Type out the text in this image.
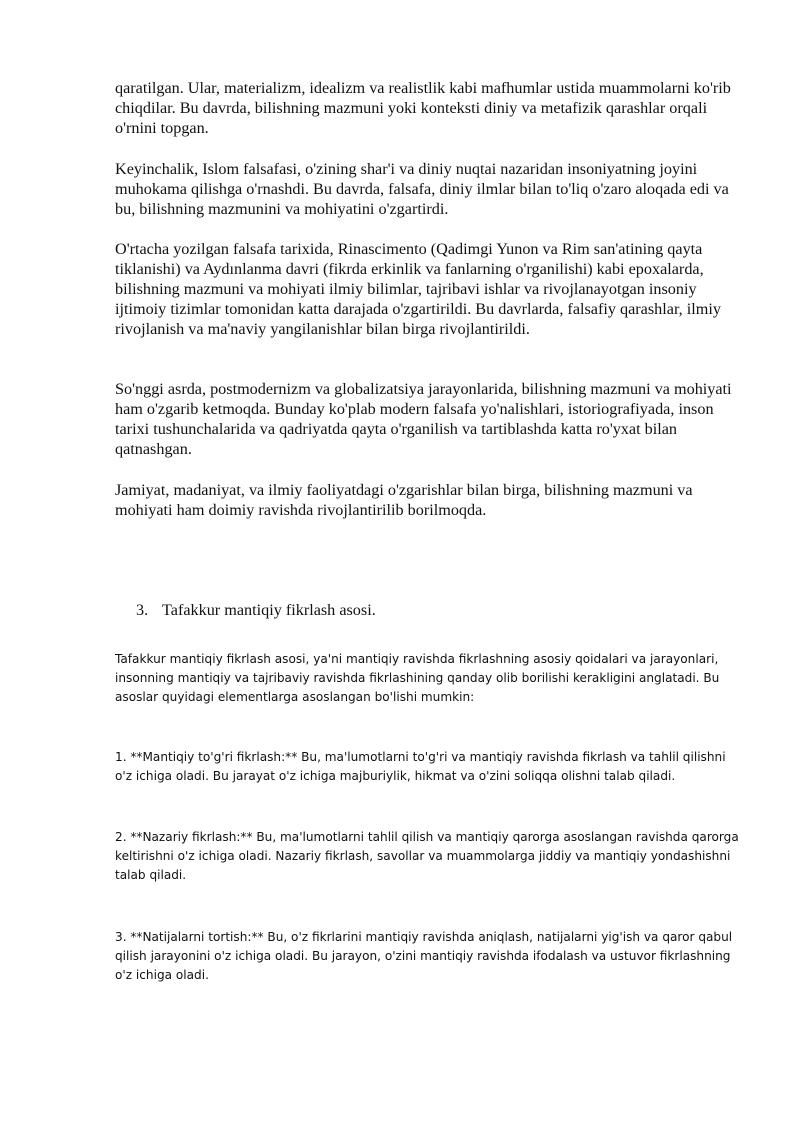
qaratilgan. Ular, materializm, idealizm va realistlik kabi mafhumlar ustida muammolarni ko'rib chiqdilar. Bu davrda, bilishning mazmuni yoki konteksti diniy va metafizik qarashlar orqali o'rnini topgan.

Keyinchalik, Islom falsafasi, o'zining shar'i va diniy nuqtai nazaridan insoniyatning joyini muhokama qilishga o'rnashdi. Bu davrda, falsafa, diniy ilmlar bilan to'liq o'zaro aloqada edi va bu, bilishning mazmunini va mohiyatini o'zgartirdi.

O'rtacha yozilgan falsafa tarixida, Rinascimento (Qadimgi Yunon va Rim san'atining qayta tiklanishi) va Aydınlanma davri (fikrda erkinlik va fanlarning o'rganilishi) kabi epoxalarda, bilishning mazmuni va mohiyati ilmiy bilimlar, tajribavi ishlar va rivojlanayotgan insoniy ijtimoiy tizimlar tomonidan katta darajada o'zgartirildi. Bu davrlarda, falsafiy qarashlar, ilmiy rivojlanish va ma'naviy yangilanishlar bilan birga rivojlantirildi.

So'nggi asrda, postmodernizm va globalizatsiya jarayonlarida, bilishning mazmuni va mohiyati ham o'zgarib ketmoqda. Bunday ko'plab modern falsafa yo'nalishlari, istoriografiyada, inson tarixi tushunchalarida va qadriyatda qayta o'rganilish va tartiblashda katta ro'yxat bilan qatnashgan.

Jamiyat, madaniyat, va ilmiy faoliyatdagi o'zgarishlar bilan birga, bilishning mazmuni va mohiyati ham doimiy ravishda rivojlantirilib borilmoqda.

3. Tafakkur mantiqiy fikrlash asosi.

Tafakkur mantiqiy fikrlash asosi, ya'ni mantiqiy ravishda fikrlashning asosiy qoidalari va jarayonlari, insonning mantiqiy va tajribaviy ravishda fikrlashining qanday olib borilishi kerakligini anglatadi. Bu asoslar quyidagi elementlarga asoslangan bo'lishi mumkin:

1. **Mantiqiy to'g'ri fikrlash:** Bu, ma'lumotlarni to'g'ri va mantiqiy ravishda fikrlash va tahlil qilishni o'z ichiga oladi. Bu jarayat o'z ichiga majburiylik, hikmat va o'zini soliqqa olishni talab qiladi.

2. **Nazariy fikrlash:** Bu, ma'lumotlarni tahlil qilish va mantiqiy qarorga asoslangan ravishda qarorga keltirishni o'z ichiga oladi. Nazariy fikrlash, savollar va muammolarga jiddiy va mantiqiy yondashishni talab qiladi.

3. **Natijalarni tortish:** Bu, o'z fikrlarini mantiqiy ravishda aniqlash, natijalarni yig'ish va qaror qabul qilish jarayonini o'z ichiga oladi. Bu jarayon, o'zini mantiqiy ravishda ifodalash va ustuvor fikrlashning o'z ichiga oladi.
